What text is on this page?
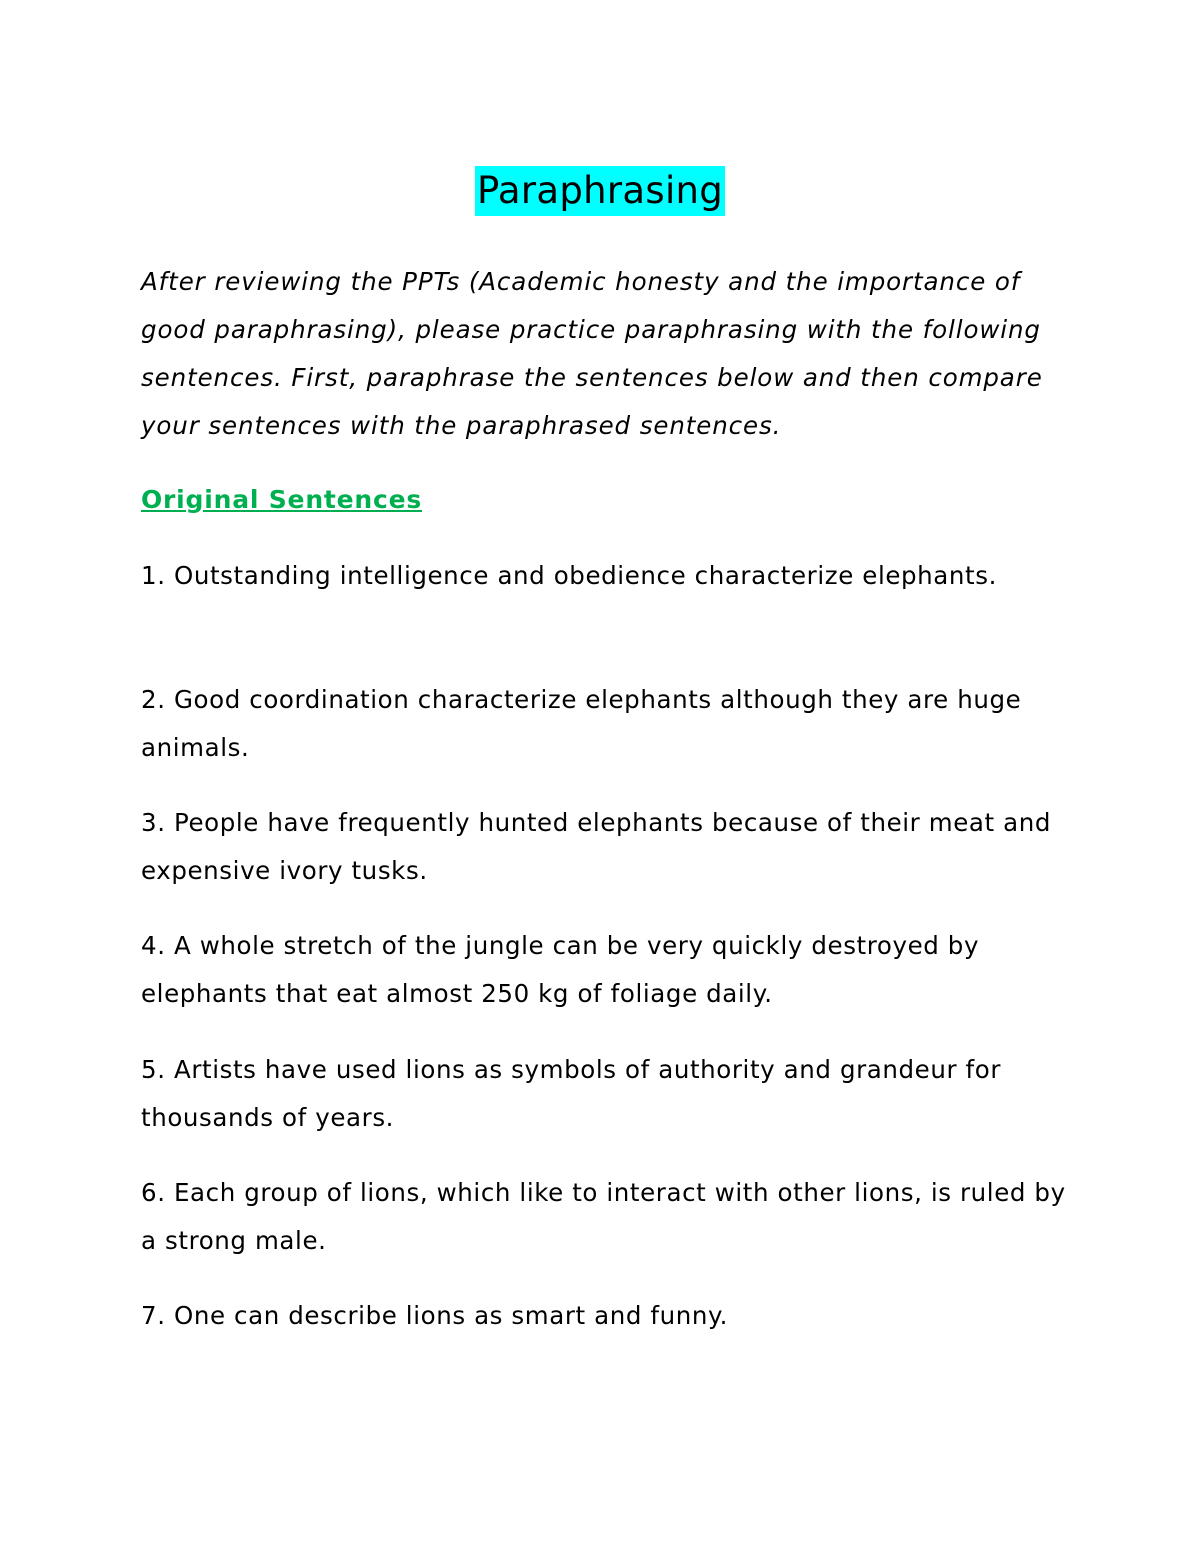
Paraphrasing

After reviewing the PPTs (Academic honesty and the importance of good paraphrasing), please practice paraphrasing with the following sentences. First, paraphrase the sentences below and then compare your sentences with the paraphrased sentences.

Original Sentences

1. Outstanding intelligence and obedience characterize elephants.

2. Good coordination characterize elephants although they are huge animals.

3. People have frequently hunted elephants because of their meat and expensive ivory tusks.

4. A whole stretch of the jungle can be very quickly destroyed by elephants that eat almost 250 kg of foliage daily.

5. Artists have used lions as symbols of authority and grandeur for thousands of years.

6. Each group of lions, which like to interact with other lions, is ruled by a strong male.

7. One can describe lions as smart and funny.
